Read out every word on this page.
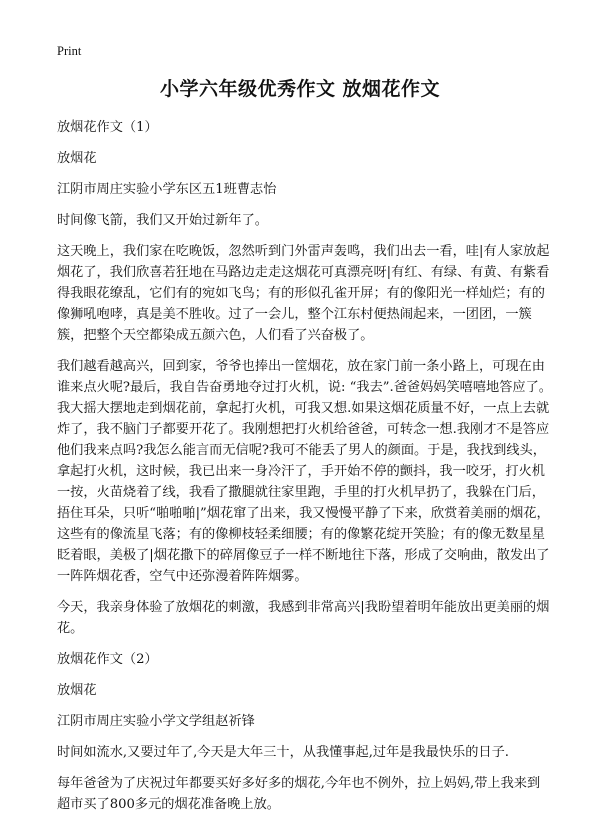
Print
小学六年级优秀作文 放烟花作文

放烟花作文（1）

放烟花

江阴市周庄实验小学东区五1班曹志怡

时间像飞箭，我们又开始过新年了。

这天晚上，我们家在吃晚饭，忽然听到门外雷声轰鸣，我们出去一看，哇|有人家放起烟花了，我们欣喜若狂地在马路边走走这烟花可真漂亮呀|有红、有绿、有黄、有紫看得我眼花缭乱，它们有的宛如飞鸟；有的形似孔雀开屏；有的像阳光一样灿烂；有的像狮吼咆哮，真是美不胜收。过了一会儿，整个江东村便热闹起来，一团团，一簇簇，把整个天空都染成五颜六色，人们看了兴奋极了。

我们越看越高兴，回到家，爷爷也捧出一筐烟花，放在家门前一条小路上，可现在由谁来点火呢?最后，我自告奋勇地夺过打火机，说: “我去”.爸爸妈妈笑嘻嘻地答应了。我大摇大摆地走到烟花前，拿起打火机，可我又想.如果这烟花质量不好，一点上去就炸了，我不脑门子都要开花了。我刚想把打火机给爸爸，可转念一想.我刚才不是答应他们我来点吗?我怎么能言而无信呢?我可不能丢了男人的颜面。于是，我找到线头，拿起打火机，这时候，我已出来一身冷汗了，手开始不停的颤抖，我一咬牙，打火机一按，火苗烧着了线，我看了撒腿就往家里跑，手里的打火机早扔了，我躲在门后，捂住耳朵，只听“啪啪啪|”烟花窜了出来，我又慢慢平静了下来，欣赏着美丽的烟花，这些有的像流星飞落；有的像柳枝轻柔细腰；有的像繁花绽开笑脸；有的像无数星星眨着眼，美极了|烟花撒下的碎屑像豆子一样不断地往下落，形成了交响曲，散发出了一阵阵烟花香，空气中还弥漫着阵阵烟雾。

今天，我亲身体验了放烟花的刺激，我感到非常高兴|我盼望着明年能放出更美丽的烟花。

放烟花作文（2）

放烟花

江阴市周庄实验小学文学组赵祈锋

时间如流水,又要过年了,今天是大年三十，从我懂事起,过年是我最快乐的日子.

每年爸爸为了庆祝过年都要买好多好多的烟花,今年也不例外，拉上妈妈,带上我来到超市买了800多元的烟花准备晚上放。
